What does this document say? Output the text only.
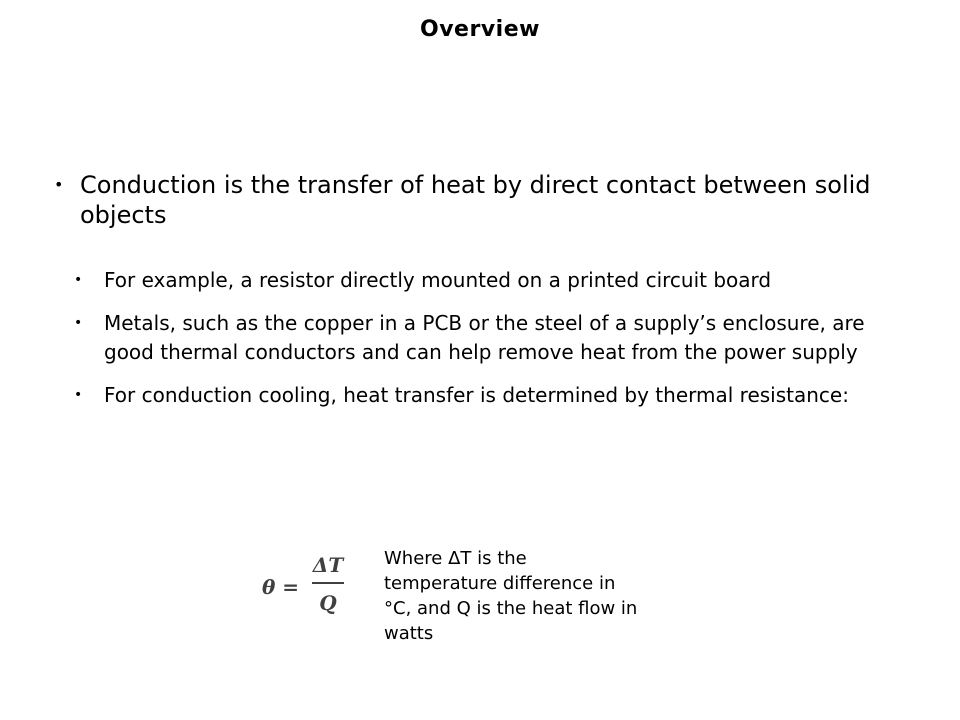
Overview
• Conduction is the transfer of heat by direct contact between solid objects
•	For example, a resistor directly mounted on a printed circuit board
•	Metals, such as the copper in a PCB or the steel of a supply’s enclosure, are good thermal conductors and can help remove heat from the power supply
•	For conduction cooling, heat transfer is determined by thermal resistance:
θ =
ΔT
Q
Where ΔT is the temperature difference in °C, and Q is the heat flow in watts
